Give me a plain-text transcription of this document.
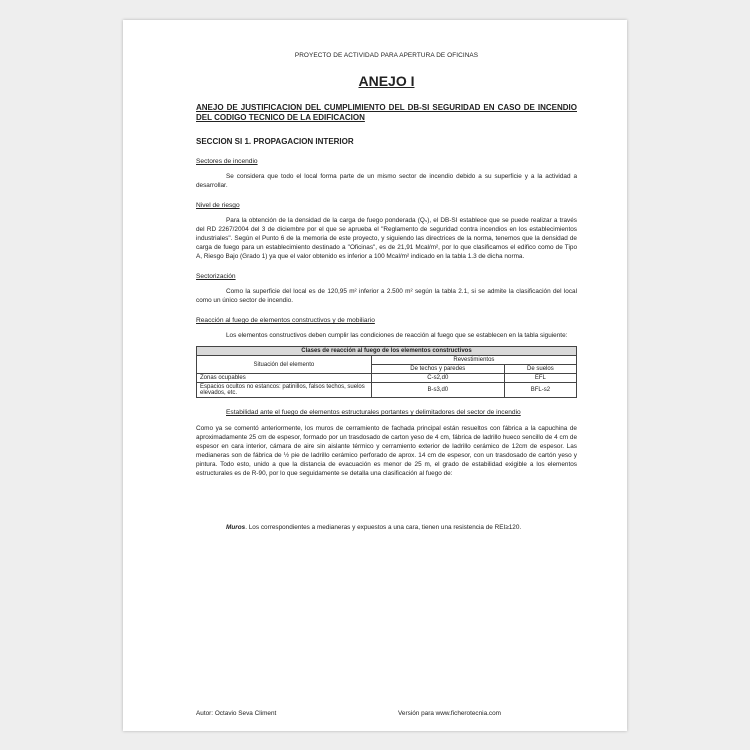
PROYECTO DE ACTIVIDAD PARA APERTURA DE OFICINAS
ANEJO I
ANEJO DE JUSTIFICACION DEL CUMPLIMIENTO DEL DB-SI SEGURIDAD EN CASO DE INCENDIO DEL CODIGO TECNICO DE LA EDIFICACION
SECCION SI 1. PROPAGACION INTERIOR
Sectores de incendio

Se considera que todo el local forma parte de un mismo sector de incendio debido a su superficie y a la actividad a desarrollar.

Nivel de riesgo

Para la obtención de la densidad de la carga de fuego ponderada (Qₛ), el DB-SI establece que se puede realizar a través del RD 2267/2004 del 3 de diciembre por el que se aprueba el "Reglamento de seguridad contra incendios en los establecimientos industriales". Según el Punto 6 de la memoria de este proyecto, y siguiendo las directrices de la norma, tenemos que la densidad de carga de fuego para un establecimiento destinado a "Oficinas", es de 21,91 Mcal/m², por lo que clasificamos el edifico como de Tipo A, Riesgo Bajo (Grado 1) ya que el valor obtenido es inferior a 100 Mcal/m² indicado en la tabla 1.3 de dicha norma.

Sectorización

Como la superficie del local es de 120,95 m² inferior a 2.500 m² según la tabla 2.1, si se admite la clasificación del local como un único sector de incendio.

Reacción al fuego de elementos constructivos y de mobiliario

Los elementos constructivos deben cumplir las condiciones de reacción al fuego que se establecen en la tabla siguiente:

Clases de reacción al fuego de los elementos constructivos		
Situación del elemento	Revestimientos	
	De techos y paredes	De suelos
Zonas ocupables	C-s2,d0	EFL
Espacios ocultos no estancos: patinillos, falsos techos, suelos elevados, etc.	B-s3,d0	BFL-s2
Estabilidad ante el fuego de elementos estructurales portantes y delimitadores del sector de incendio

Como ya se comentó anteriormente, los muros de cerramiento de fachada principal están resueltos con fábrica a la capuchina de aproximadamente 25 cm de espesor, formado por un trasdosado de carton yeso de 4 cm, fábrica de ladrillo hueco sencillo de 4 cm de espesor en cara interior, cámara de aire sin aislante térmico y cerramiento exterior de ladrillo cerámico de 12cm de espesor. Las medianeras son de fábrica de ½ pie de ladrillo cerámico perforado de aprox. 14 cm de espesor, con un trasdosado de cartón yeso y pintura. Todo esto, unido a que la distancia de evacuación es menor de 25 m, el grado de estabilidad exigible a los elementos estructurales es de R-90, por lo que seguidamente se detalla una clasificación al fuego de:

Muros. Los correspondientes a medianeras y expuestos a una cara, tienen una resistencia de REI≥120.
Autor: Octavio Seva Climent	Versión para www.ficherotecnia.com
